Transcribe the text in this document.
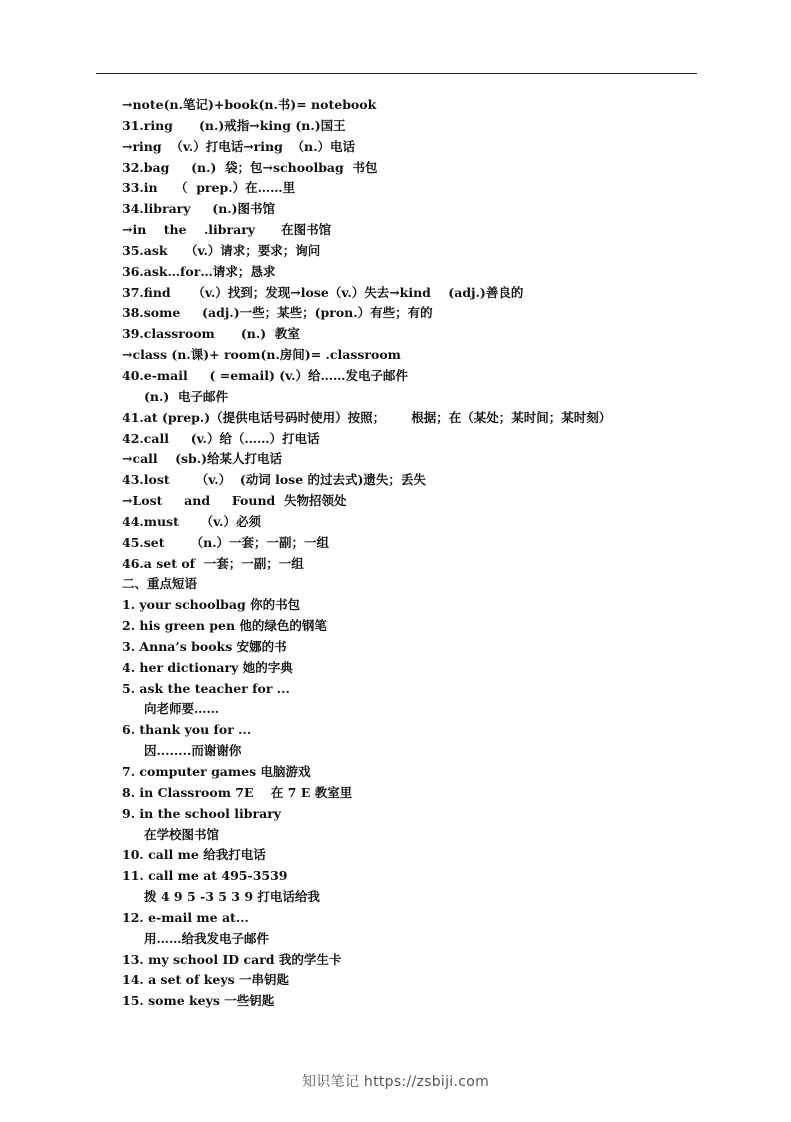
→note(n.笔记)+book(n.书)= notebook
31.ring      (n.)戒指→king (n.)国王
→ring  （v.）打电话→ring  （n.）电话
32.bag     (n.)  袋；包→schoolbag  书包
33.in    （  prep.）在……里
34.library     (n.)图书馆
→in    the    .library      在图书馆
35.ask    （v.）请求；要求；询问
36.ask…for…请求；恳求
37.find     （v.）找到；发现→lose（v.）失去→kind    (adj.)善良的
38.some     (adj.)一些；某些；(pron.）有些；有的
39.classroom      (n.)  教室
→class (n.课)+ room(n.房间)= .classroom
40.e-mail     ( =email) (v.）给……发电子邮件
(n.)  电子邮件
41.at (prep.)（提供电话号码时使用）按照；      根据；在（某处；某时间；某时刻）
42.call     (v.）给（……）打电话
→call    (sb.)给某人打电话
43.lost      （v.）  (动词 lose 的过去式)遗失；丢失
→Lost     and     Found  失物招领处
44.must     （v.）必须
45.set      （n.）一套；一副；一组
46.a set of  一套；一副；一组
二、重点短语
1. your schoolbag 你的书包
2. his green pen 他的绿色的钢笔
3. Anna’s books 安娜的书
4. her dictionary 她的字典
5. ask the teacher for ...
向老师要……
6. thank you for ...
因........而谢谢你
7. computer games 电脑游戏
8. in Classroom 7E    在 7 E 教室里
9. in the school library
在学校图书馆
10. call me 给我打电话
11. call me at 495-3539
拨 4 9 5 -3 5 3 9 打电话给我
12. e-mail me at...
用……给我发电子邮件
13. my school ID card 我的学生卡
14. a set of keys 一串钥匙
15. some keys 一些钥匙
知识笔记 https://zsbiji.com
